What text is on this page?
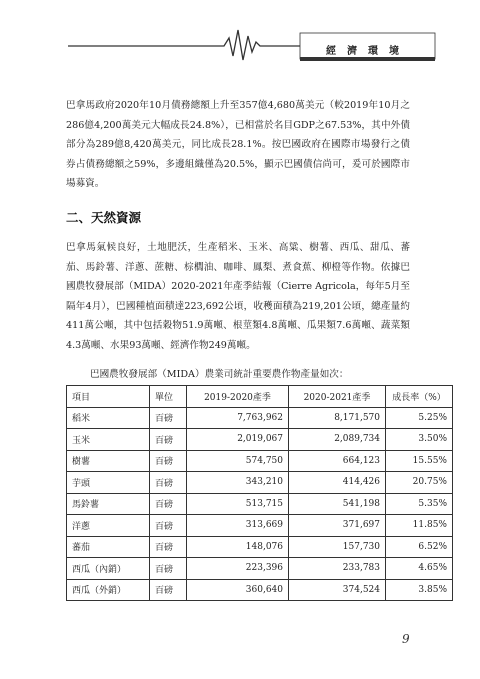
經濟環境

巴拿馬政府2020年10月債務總額上升至357億4,680萬美元（較2019年10月之286億4,200萬美元大幅成長24.8%），已相當於名目GDP之67.53%，其中外債部分為289億8,420萬美元，同比成長28.1%。按巴國政府在國際市場發行之債券占債務總額之59%，多邊組織僅為20.5%，顯示巴國債信尚可，爰可於國際市場募資。

二、天然資源

巴拿馬氣候良好，土地肥沃，生產稻米、玉米、高粱、樹薯、西瓜、甜瓜、蕃茄、馬鈴薯、洋蔥、蔗糖、棕櫚油、咖啡、鳳梨、煮食蕉、柳橙等作物。依據巴國農牧發展部（MIDA）2020-2021年產季結報（Cierre Agricola，每年5月至隔年4月），巴國種植面積達223,692公頃，收穫面積為219,201公頃，總產量約411萬公噸，其中包括穀物51.9萬噸、根莖類4.8萬噸、瓜果類7.6萬噸、蔬菜類4.3萬噸、水果93萬噸、經濟作物249萬噸。

巴國農牧發展部（MIDA）農業司統計重要農作物產量如次：
項目	單位	2019-2020產季	2020-2021產季	成長率（%）
稻米	百磅	7,763,962	8,171,570	5.25%
玉米	百磅	2,019,067	2,089,734	3.50%
樹薯	百磅	574,750	664,123	15.55%
芋頭	百磅	343,210	414,426	20.75%
馬鈴薯	百磅	513,715	541,198	5.35%
洋蔥	百磅	313,669	371,697	11.85%
蕃茄	百磅	148,076	157,730	6.52%
西瓜（內銷）	百磅	223,396	233,783	4.65%
西瓜（外銷）	百磅	360,640	374,524	3.85%
9
